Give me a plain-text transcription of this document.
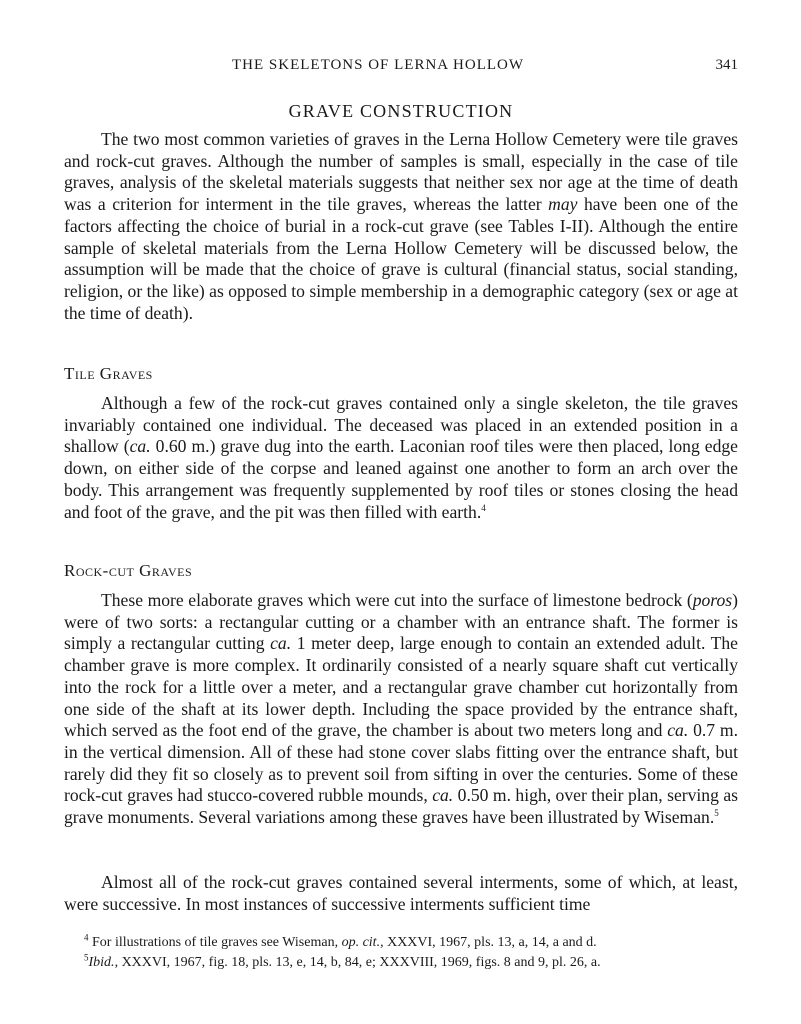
THE SKELETONS OF LERNA HOLLOW	341
GRAVE CONSTRUCTION

The two most common varieties of graves in the Lerna Hollow Cemetery were tile graves and rock-cut graves. Although the number of samples is small, especially in the case of tile graves, analysis of the skeletal materials suggests that neither sex nor age at the time of death was a criterion for interment in the tile graves, whereas the latter may have been one of the factors affecting the choice of burial in a rock-cut grave (see Tables I-II). Although the entire sample of skeletal materials from the Lerna Hollow Cemetery will be discussed below, the assumption will be made that the choice of grave is cultural (financial status, social standing, religion, or the like) as opposed to simple membership in a demographic category (sex or age at the time of death).

Tile Graves

Although a few of the rock-cut graves contained only a single skeleton, the tile graves invariably contained one individual. The deceased was placed in an extended position in a shallow (ca. 0.60 m.) grave dug into the earth. Laconian roof tiles were then placed, long edge down, on either side of the corpse and leaned against one another to form an arch over the body. This arrangement was frequently supplemented by roof tiles or stones closing the head and foot of the grave, and the pit was then filled with earth.$^4$

Rock-cut Graves

These more elaborate graves which were cut into the surface of limestone bedrock (poros) were of two sorts: a rectangular cutting or a chamber with an entrance shaft. The former is simply a rectangular cutting ca. 1 meter deep, large enough to contain an extended adult. The chamber grave is more complex. It ordinarily consisted of a nearly square shaft cut vertically into the rock for a little over a meter, and a rectangular grave chamber cut horizontally from one side of the shaft at its lower depth. Including the space provided by the entrance shaft, which served as the foot end of the grave, the chamber is about two meters long and ca. 0.7 m. in the vertical dimension. All of these had stone cover slabs fitting over the entrance shaft, but rarely did they fit so closely as to prevent soil from sifting in over the centuries. Some of these rock-cut graves had stucco-covered rubble mounds, ca. 0.50 m. high, over their plan, serving as grave monuments. Several variations among these graves have been illustrated by Wiseman.$^5$

Almost all of the rock-cut graves contained several interments, some of which, at least, were successive. In most instances of successive interments sufficient time

$^4$ For illustrations of tile graves see Wiseman, op. cit., XXXVI, 1967, pls. 13, a, 14, a and d.

$^5$Ibid., XXXVI, 1967, fig. 18, pls. 13, e, 14, b, 84, e; XXXVIII, 1969, figs. 8 and 9, pl. 26, a.
